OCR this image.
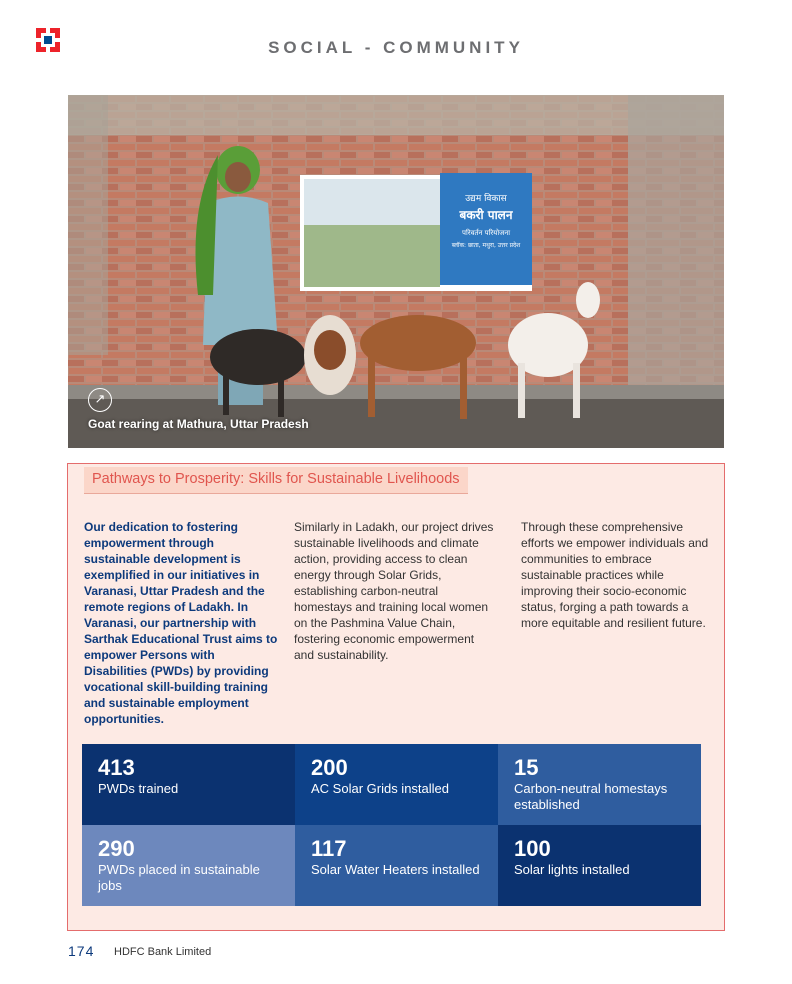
SOCIAL - COMMUNITY
उद्यम विकास
बकरी पालन
परिवर्तन परियोजना
ब्लॉक: छाता, मथुरा, उत्तर प्रदेश
↗
Goat rearing at Mathura, Uttar Pradesh
Pathways to Prosperity: Skills for Sustainable Livelihoods
Our dedication to fostering empowerment through sustainable development is exemplified in our initiatives in Varanasi, Uttar Pradesh and the remote regions of Ladakh. In Varanasi, our partnership with Sarthak Educational Trust aims to empower Persons with Disabilities (PWDs) by providing vocational skill-building training and sustainable employment opportunities.
Similarly in Ladakh, our project drives sustainable livelihoods and climate action, providing access to clean energy through Solar Grids, establishing carbon-neutral homestays and training local women on the Pashmina Value Chain, fostering economic empowerment and sustainability.
Through these comprehensive efforts we empower individuals and communities to embrace sustainable practices while improving their socio-economic status, forging a path towards a more equitable and resilient future.
413
PWDs trained
200
AC Solar Grids installed
15
Carbon-neutral homestays established
290
PWDs placed in sustainable jobs
117
Solar Water Heaters installed
100
Solar lights installed
174 HDFC Bank Limited
